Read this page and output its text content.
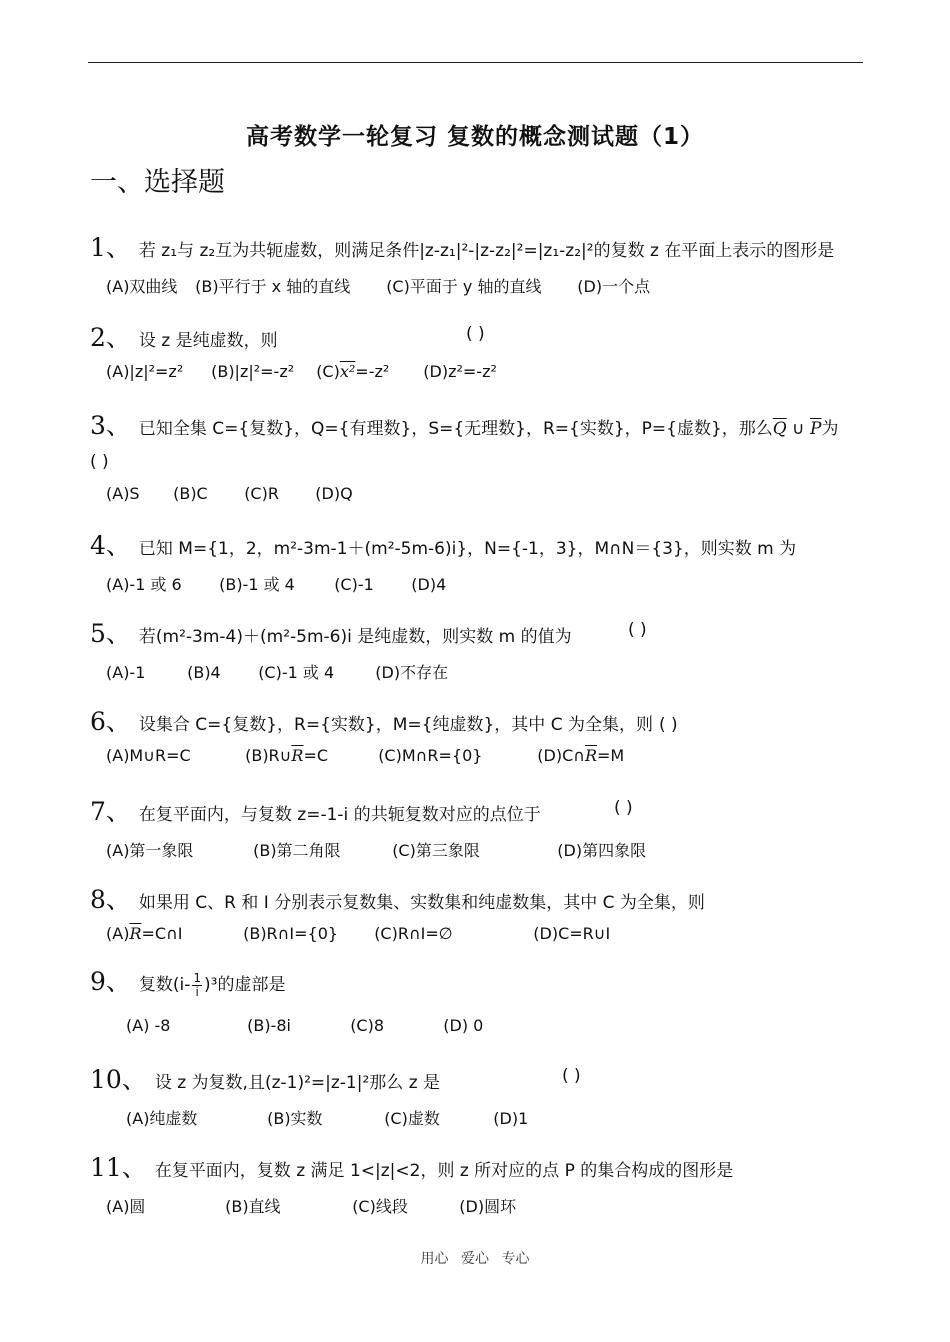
高考数学一轮复习 复数的概念测试题（1）
一、选择题
1、 若 z₁与 z₂互为共轭虚数，则满足条件|z-z₁|²-|z-z₂|²=|z₁-z₂|²的复数 z 在平面上表示的图形是
(A)双曲线 (B)平行于 x 轴的直线 (C)平面于 y 轴的直线 (D)一个点
2、 设 z 是纯虚数，则	( )
(A)|z|²=z² (B)|z|²=-z² (C)x²=-z² (D)z²=-z²
3、 已知全集 C={复数}，Q={有理数}，S={无理数}，R={实数}，P={虚数}，那么$\overline{Q}$ ∪ $\overline{P}$为
( )
(A)S (B)C (C)R (D)Q
4、 已知 M={1，2，m²-3m-1＋(m²-5m-6)i}，N={-1，3}，M∩N＝{3}，则实数 m 为
(A)-1 或 6 (B)-1 或 4 (C)-1 (D)4
5、 若(m²-3m-4)＋(m²-5m-6)i 是纯虚数，则实数 m 的值为	( )
(A)-1	(B)4 (C)-1 或 4	(D)不存在
6、 设集合 C={复数}，R={实数}，M={纯虚数}，其中 C 为全集，则 ( )
(A)M∪R=C	$(B)R\cup\overline{R}=C$	(C)M∩R={0}	$(D)C\cap\overline{R}=M$
7、 在复平面内，与复数 z=-1-i 的共轭复数对应的点位于	( )
(A)第一象限	(B)第二角限	(C)第三象限	(D)第四象限
8、 如果用 C、R 和 I 分别表示复数集、实数集和纯虚数集，其中 C 为全集，则
$(A)\overline{R}=C\cap I$	(B)R∩I={0} (C)R∩I=∅	(D)C=R∪I
9、 复数$(i- \frac{1}{i} )^3$的虚部是
(A) -8	(B)-8i	(C)8	(D) 0
10、 设 z 为复数,且(z-1)²=|z-1|²那么 z 是	( )
(A)纯虚数	(B)实数	(C)虚数	(D)1
11、 在复平面内，复数 z 满足 1<|z|<2，则 z 所对应的点 P 的集合构成的图形是
(A)圆	(B)直线	(C)线段	(D)圆环
用心 爱心 专心
